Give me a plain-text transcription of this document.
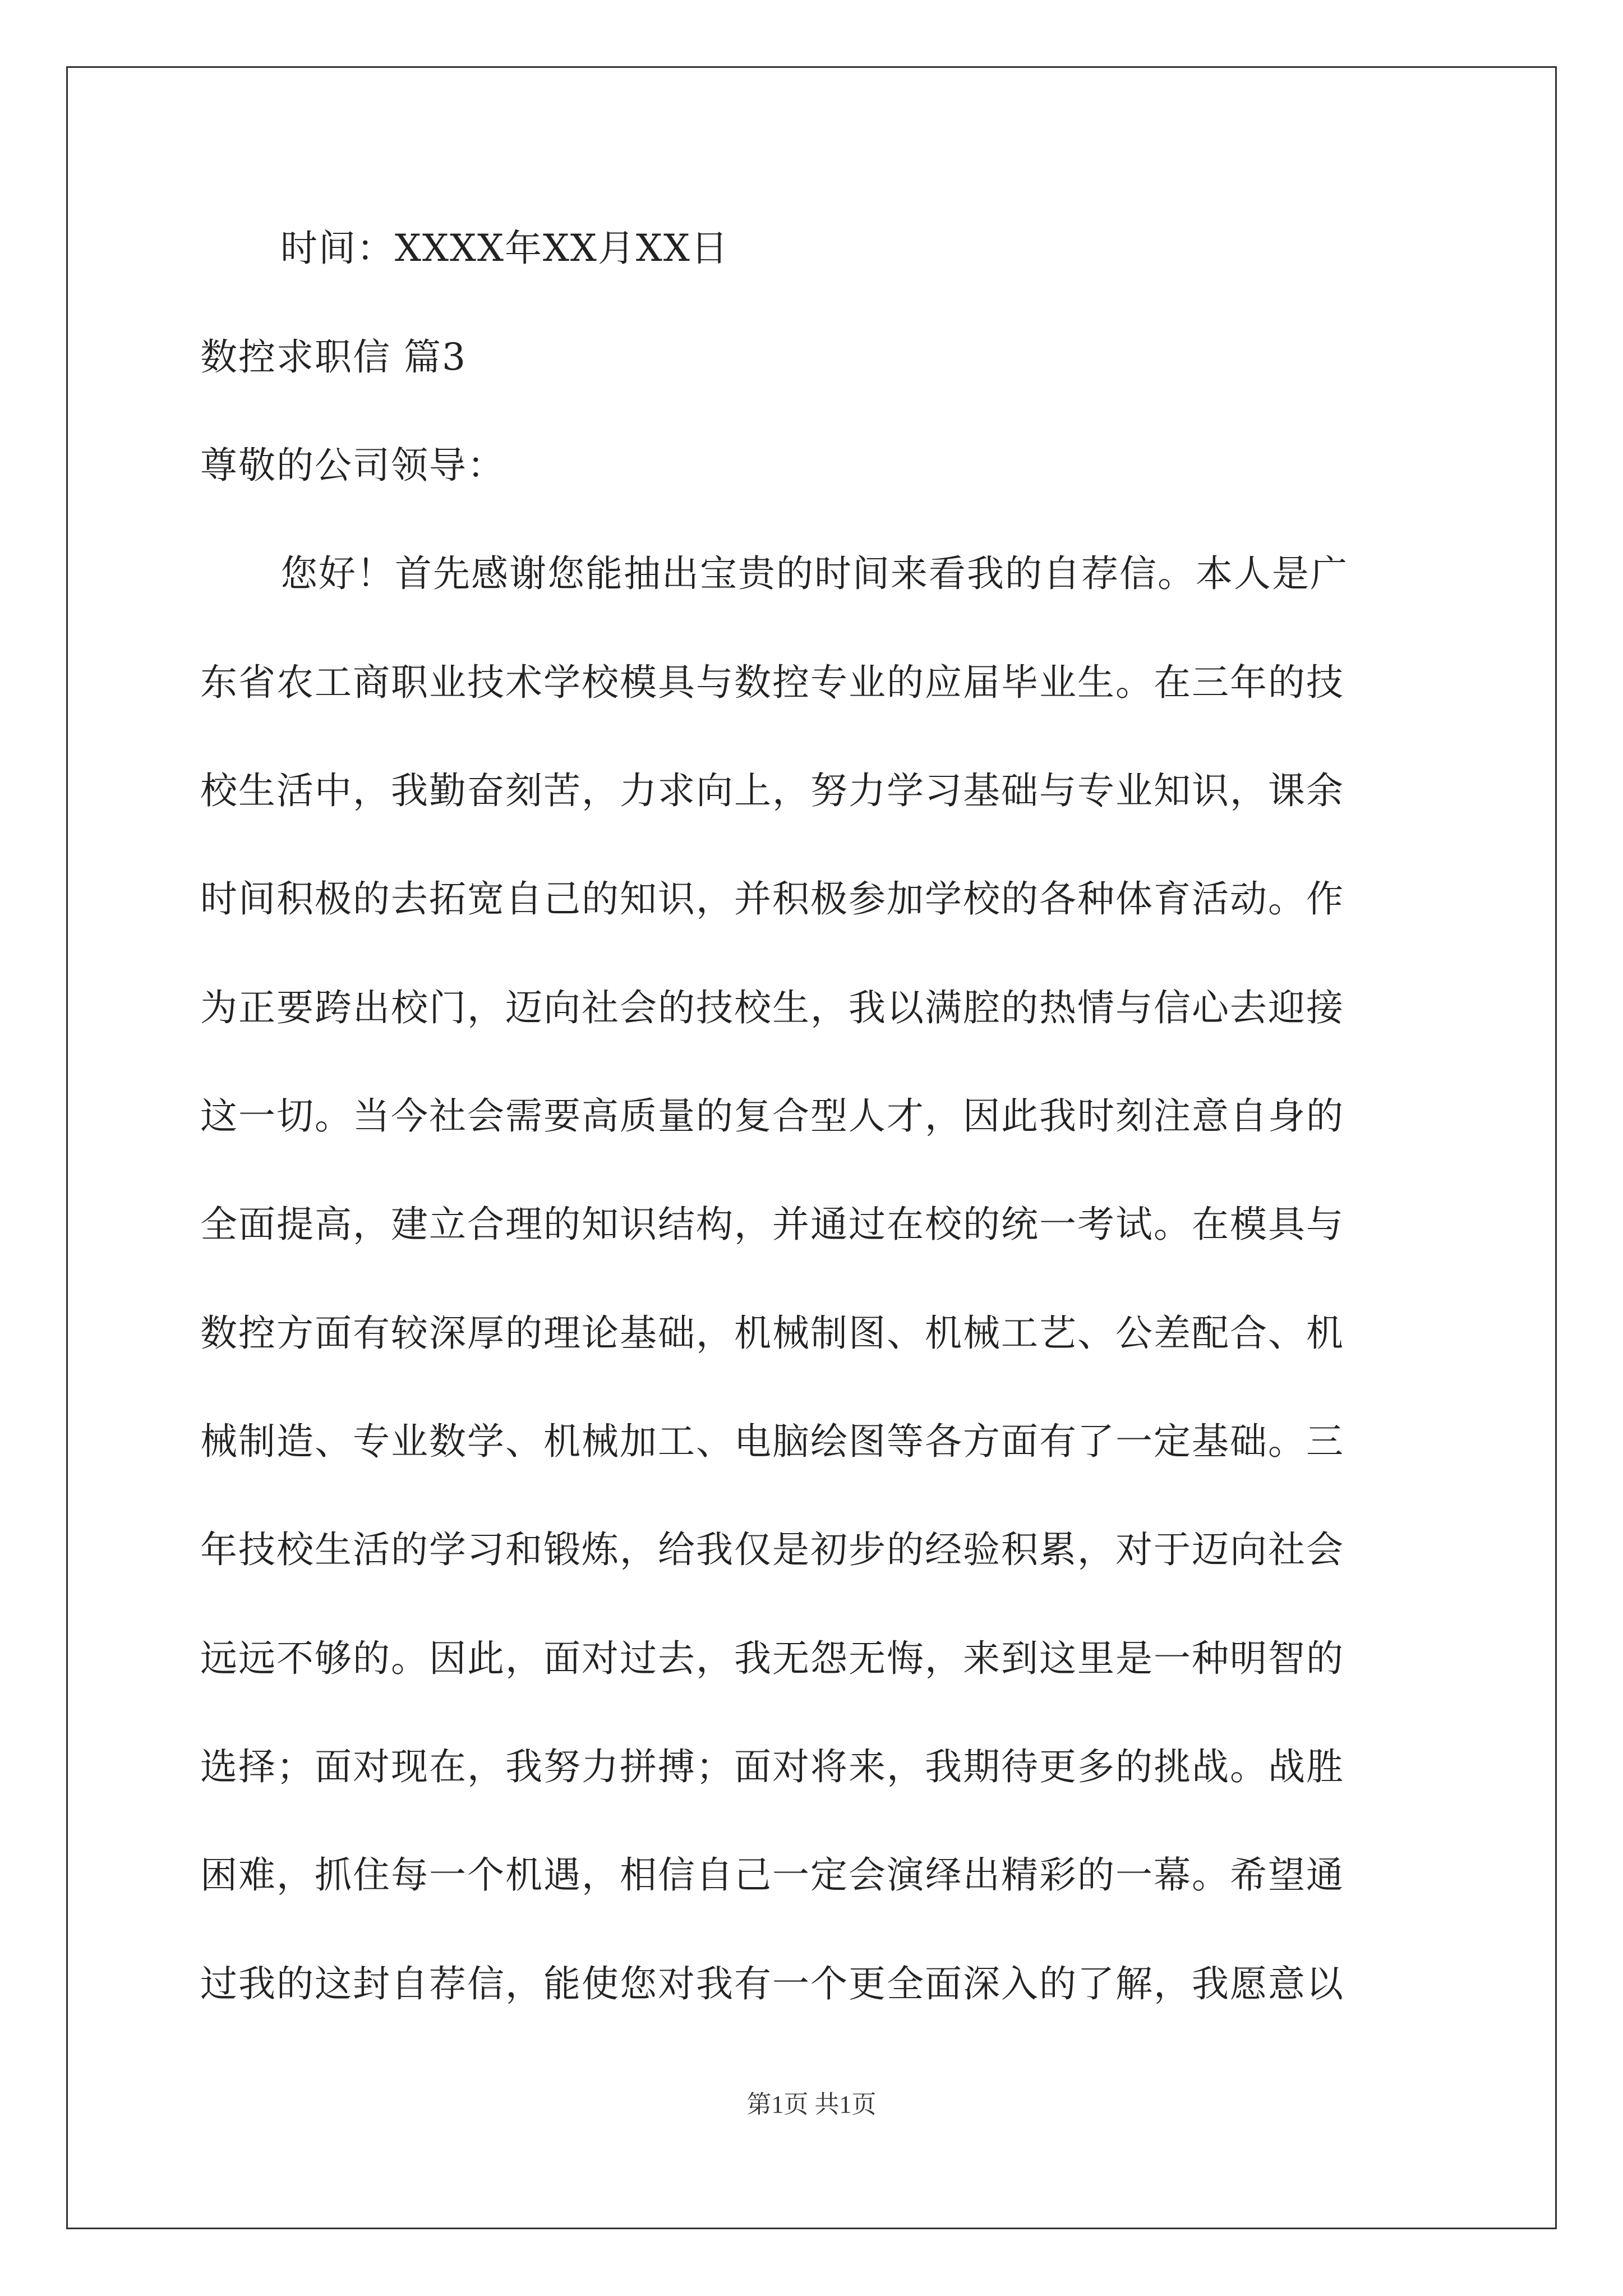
时间：XXXX年XX月XX日
数控求职信 篇3
尊敬的公司领导：
您好！首先感谢您能抽出宝贵的时间来看我的自荐信。本人是广
东省农工商职业技术学校模具与数控专业的应届毕业生。在三年的技
校生活中，我勤奋刻苦，力求向上，努力学习基础与专业知识，课余
时间积极的去拓宽自己的知识，并积极参加学校的各种体育活动。作
为正要跨出校门，迈向社会的技校生，我以满腔的热情与信心去迎接
这一切。当今社会需要高质量的复合型人才，因此我时刻注意自身的
全面提高，建立合理的知识结构，并通过在校的统一考试。在模具与
数控方面有较深厚的理论基础，机械制图、机械工艺、公差配合、机
械制造、专业数学、机械加工、电脑绘图等各方面有了一定基础。三
年技校生活的学习和锻炼，给我仅是初步的经验积累，对于迈向社会
远远不够的。因此，面对过去，我无怨无悔，来到这里是一种明智的
选择；面对现在，我努力拼搏；面对将来，我期待更多的挑战。战胜
困难，抓住每一个机遇，相信自己一定会演绎出精彩的一幕。希望通
过我的这封自荐信，能使您对我有一个更全面深入的了解，我愿意以
第1页 共1页
